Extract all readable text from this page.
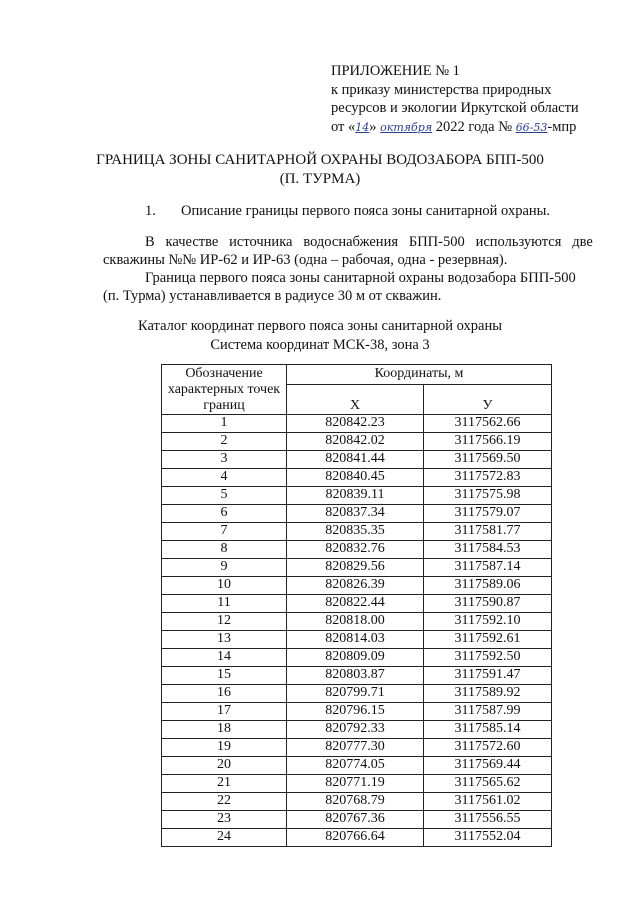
ПРИЛОЖЕНИЕ № 1
к приказу министерства природных
ресурсов и экологии Иркутской области
от «14» октября 2022 года № 66-53-мпр
ГРАНИЦА ЗОНЫ САНИТАРНОЙ ОХРАНЫ ВОДОЗАБОРА БПП-500
(П. ТУРМА)
1. Описание границы первого пояса зоны санитарной охраны.
В   качестве   источника   водоснабжения   БПП-500   используются   две
скважины №№ ИР-62 и ИР-63 (одна – рабочая, одна - резервная).
Граница первого пояса зоны санитарной охраны водозабора БПП-500
(п. Турма) устанавливается в радиусе 30 м от скважин.
Каталог координат первого пояса зоны санитарной охраны
Система координат МСК-38, зона 3
Обозначение характерных точек границ	Координаты, м	
	X	У
1	820842.23	3117562.66
2	820842.02	3117566.19
3	820841.44	3117569.50
4	820840.45	3117572.83
5	820839.11	3117575.98
6	820837.34	3117579.07
7	820835.35	3117581.77
8	820832.76	3117584.53
9	820829.56	3117587.14
10	820826.39	3117589.06
11	820822.44	3117590.87
12	820818.00	3117592.10
13	820814.03	3117592.61
14	820809.09	3117592.50
15	820803.87	3117591.47
16	820799.71	3117589.92
17	820796.15	3117587.99
18	820792.33	3117585.14
19	820777.30	3117572.60
20	820774.05	3117569.44
21	820771.19	3117565.62
22	820768.79	3117561.02
23	820767.36	3117556.55
24	820766.64	3117552.04
